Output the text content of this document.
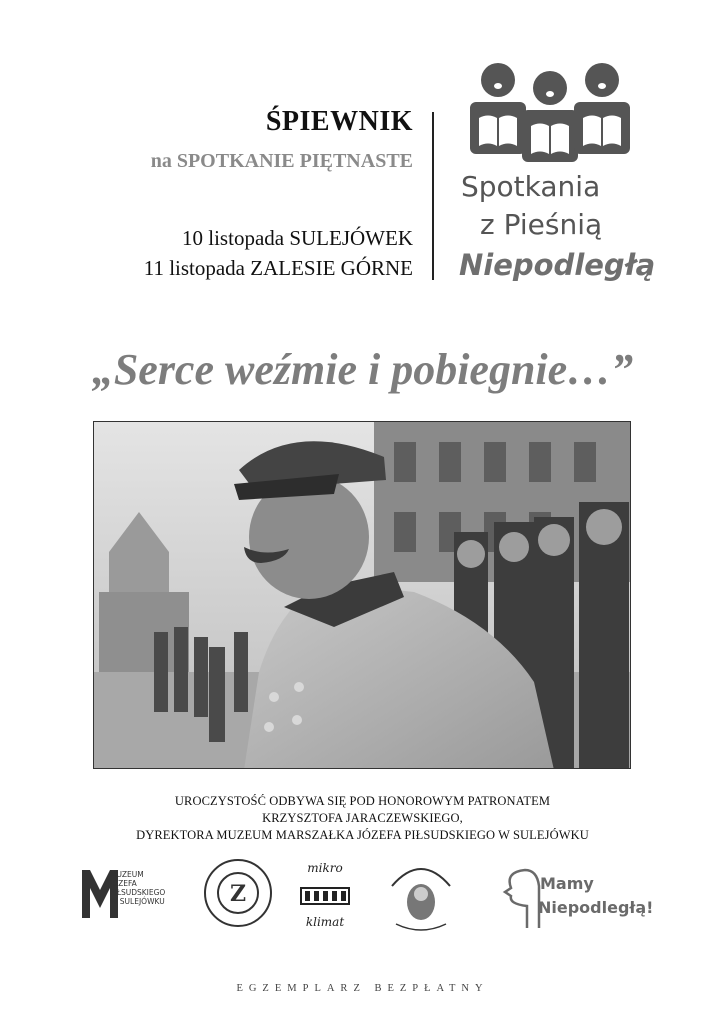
ŚPIEWNIK
na SPOTKANIE PIĘTNASTE
10 listopada SULEJÓWEK
11 listopada ZALESIE GÓRNE
Spotkania
z Pieśnią
Niepodległą
„Serce weźmie i pobiegnie…”
UROCZYSTOŚĆ ODBYWA SIĘ POD HONOROWYM PATRONATEM
KRZYSZTOFA JARACZEWSKIEGO,
DYREKTORA MUZEUM MARSZAŁKA JÓZEFA PIŁSUDSKIEGO W SULEJÓWKU
MUZEUM
JÓZEFA
PIŁSUDSKIEGO
W SULEJÓWKU	Z
mikro
klimat
Mamy
Niepodległą!
EGZEMPLARZ BEZPŁATNY
